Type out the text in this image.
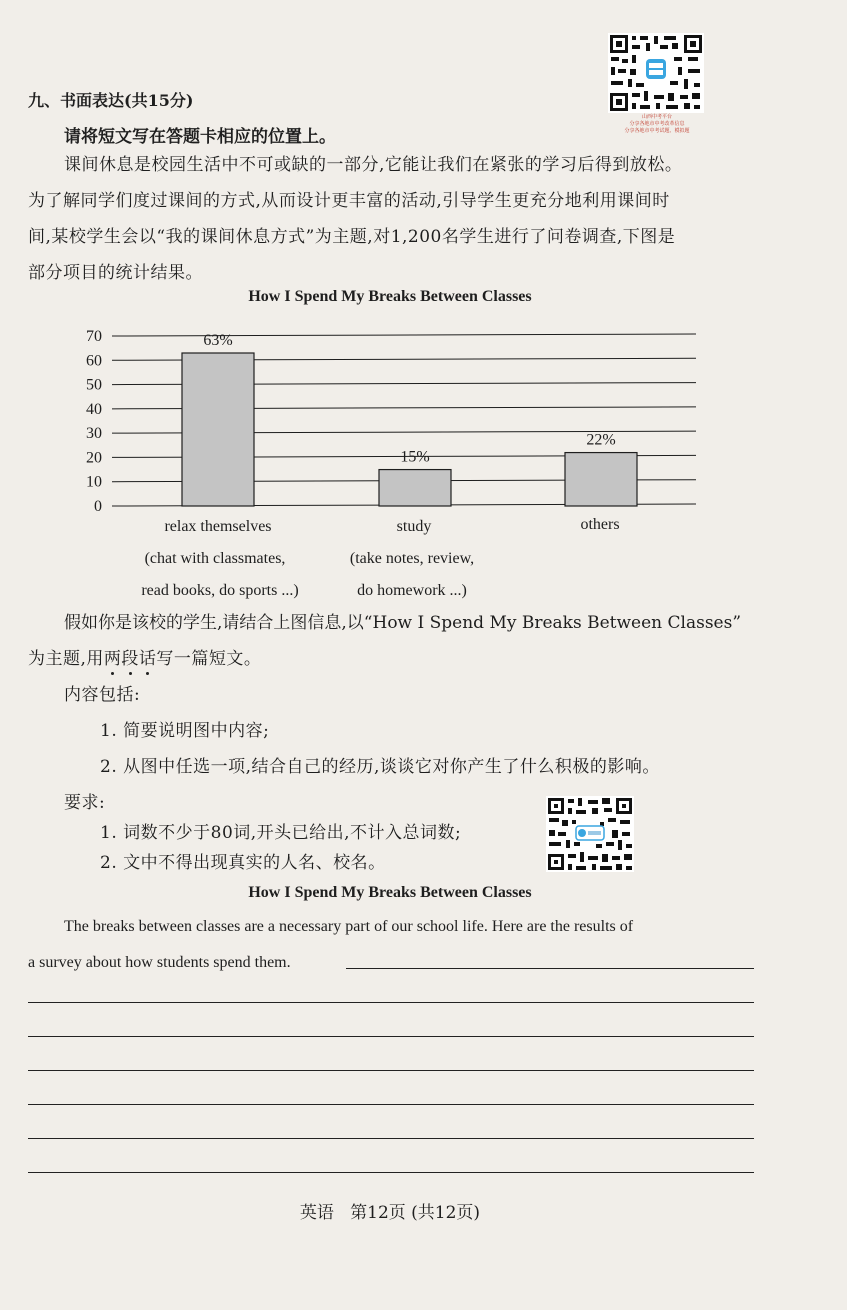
九、书面表达(共15分)
请将短文写在答题卡相应的位置上。
课间休息是校园生活中不可或缺的一部分,它能让我们在紧张的学习后得到放松。
为了解同学们度过课间的方式,从而设计更丰富的活动,引导学生更充分地利用课间时
间,某校学生会以“我的课间休息方式”为主题,对1,200名学生进行了问卷调查,下图是
部分项目的统计结果。
山西中考平台
分享各地市中考改革信息
分享各地市中考试题、模拟题
How I Spend My Breaks Between Classes
0
10
20
30
40
50
60
70	63%
15%
22%
relax themselves
(chat with classmates,
read books, do sports ...)
study
(take notes, review,
do homework ...)
others
假如你是该校的学生,请结合上图信息,以“How I Spend My Breaks Between Classes”
为主题,用两段话写一篇短文。
内容包括:
1. 简要说明图中内容;
2. 从图中任选一项,结合自己的经历,谈谈它对你产生了什么积极的影响。
要求:
1. 词数不少于80词,开头已给出,不计入总词数;
2. 文中不得出现真实的人名、校名。
How I Spend My Breaks Between Classes
The breaks between classes are a necessary part of our school life. Here are the results of
a survey about how students spend them.
英语   第12页 (共12页)
